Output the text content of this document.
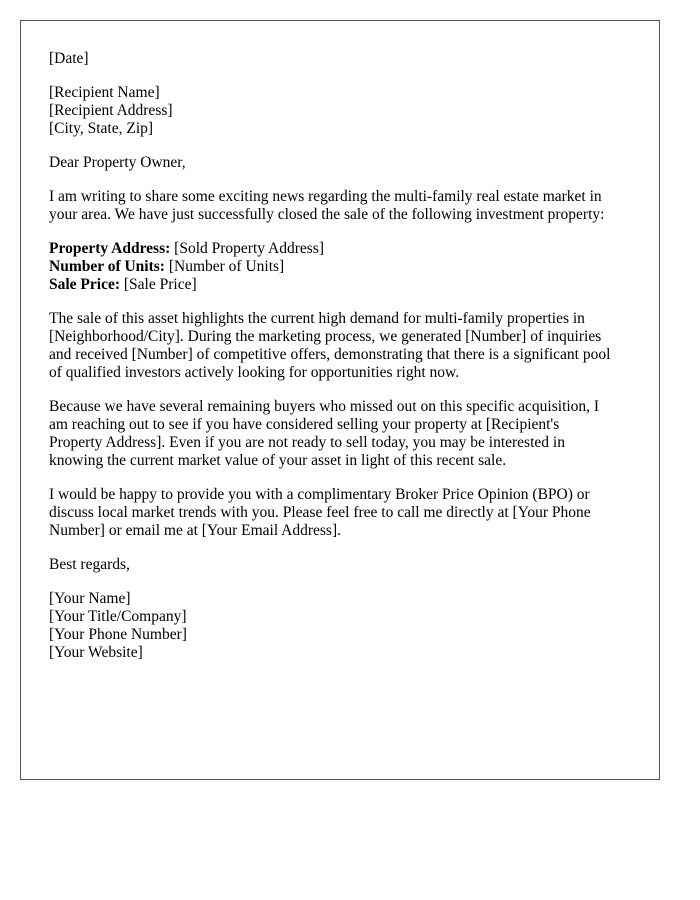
[Date]
[Recipient Name]
[Recipient Address]
[City, State, Zip]
Dear Property Owner,
I am writing to share some exciting news regarding the multi-family real estate market in
your area. We have just successfully closed the sale of the following investment property:
Property Address: [Sold Property Address]
Number of Units: [Number of Units]
Sale Price: [Sale Price]
The sale of this asset highlights the current high demand for multi-family properties in
[Neighborhood/City]. During the marketing process, we generated [Number] of inquiries
and received [Number] of competitive offers, demonstrating that there is a significant pool
of qualified investors actively looking for opportunities right now.
Because we have several remaining buyers who missed out on this specific acquisition, I
am reaching out to see if you have considered selling your property at [Recipient's
Property Address]. Even if you are not ready to sell today, you may be interested in
knowing the current market value of your asset in light of this recent sale.
I would be happy to provide you with a complimentary Broker Price Opinion (BPO) or
discuss local market trends with you. Please feel free to call me directly at [Your Phone
Number] or email me at [Your Email Address].
Best regards,
[Your Name]
[Your Title/Company]
[Your Phone Number]
[Your Website]
